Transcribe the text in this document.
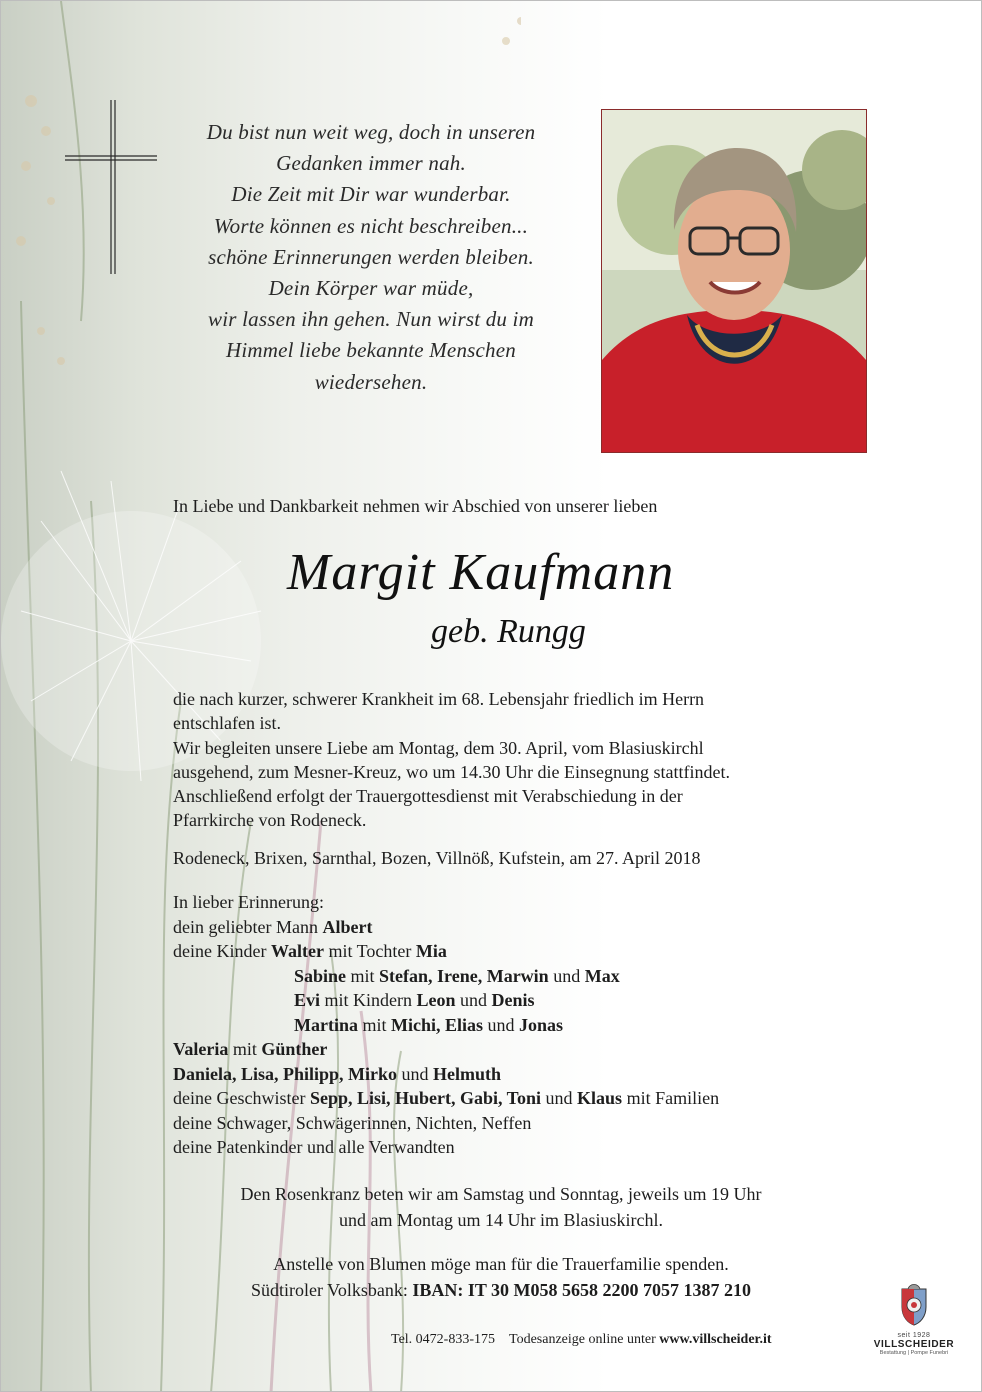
Du bist nun weit weg, doch in unseren
Gedanken immer nah.
Die Zeit mit Dir war wunderbar.
Worte können es nicht beschreiben...
schöne Erinnerungen werden bleiben.
Dein Körper war müde,
wir lassen ihn gehen. Nun wirst du im
Himmel liebe bekannte Menschen
wiedersehen.
In Liebe und Dankbarkeit nehmen wir Abschied von unserer lieben
Margit Kaufmann
geb. Rungg
die nach kurzer, schwerer Krankheit im 68. Lebensjahr friedlich im Herrn
entschlafen ist.
Wir begleiten unsere Liebe am Montag, dem 30. April, vom Blasiuskirchl
ausgehend, zum Mesner-Kreuz, wo um 14.30 Uhr die Einsegnung stattfindet.
Anschließend erfolgt der Trauergottesdienst mit Verabschiedung in der
Pfarrkirche von Rodeneck.
Rodeneck, Brixen, Sarnthal, Bozen, Villnöß, Kufstein, am 27. April 2018
In lieber Erinnerung:
dein geliebter Mann Albert
deine Kinder Walter mit Tochter Mia
Sabine mit Stefan, Irene, Marwin und Max
Evi mit Kindern Leon und Denis
Martina mit Michi, Elias und Jonas
Valeria mit Günther
Daniela, Lisa, Philipp, Mirko und Helmuth
deine Geschwister Sepp, Lisi, Hubert, Gabi, Toni und Klaus mit Familien
deine Schwager, Schwägerinnen, Nichten, Neffen
deine Patenkinder und alle Verwandten
Den Rosenkranz beten wir am Samstag und Sonntag, jeweils um 19 Uhr
und am Montag um 14 Uhr im Blasiuskirchl.
Anstelle von Blumen möge man für die Trauerfamilie spenden.
Südtiroler Volksbank: IBAN: IT 30 M058 5658 2200 7057 1387 210
Tel. 0472-833-175 Todesanzeige online unter www.villscheider.it	seit 1928
VILLSCHEIDER
Bestattung | Pompe Funebri
